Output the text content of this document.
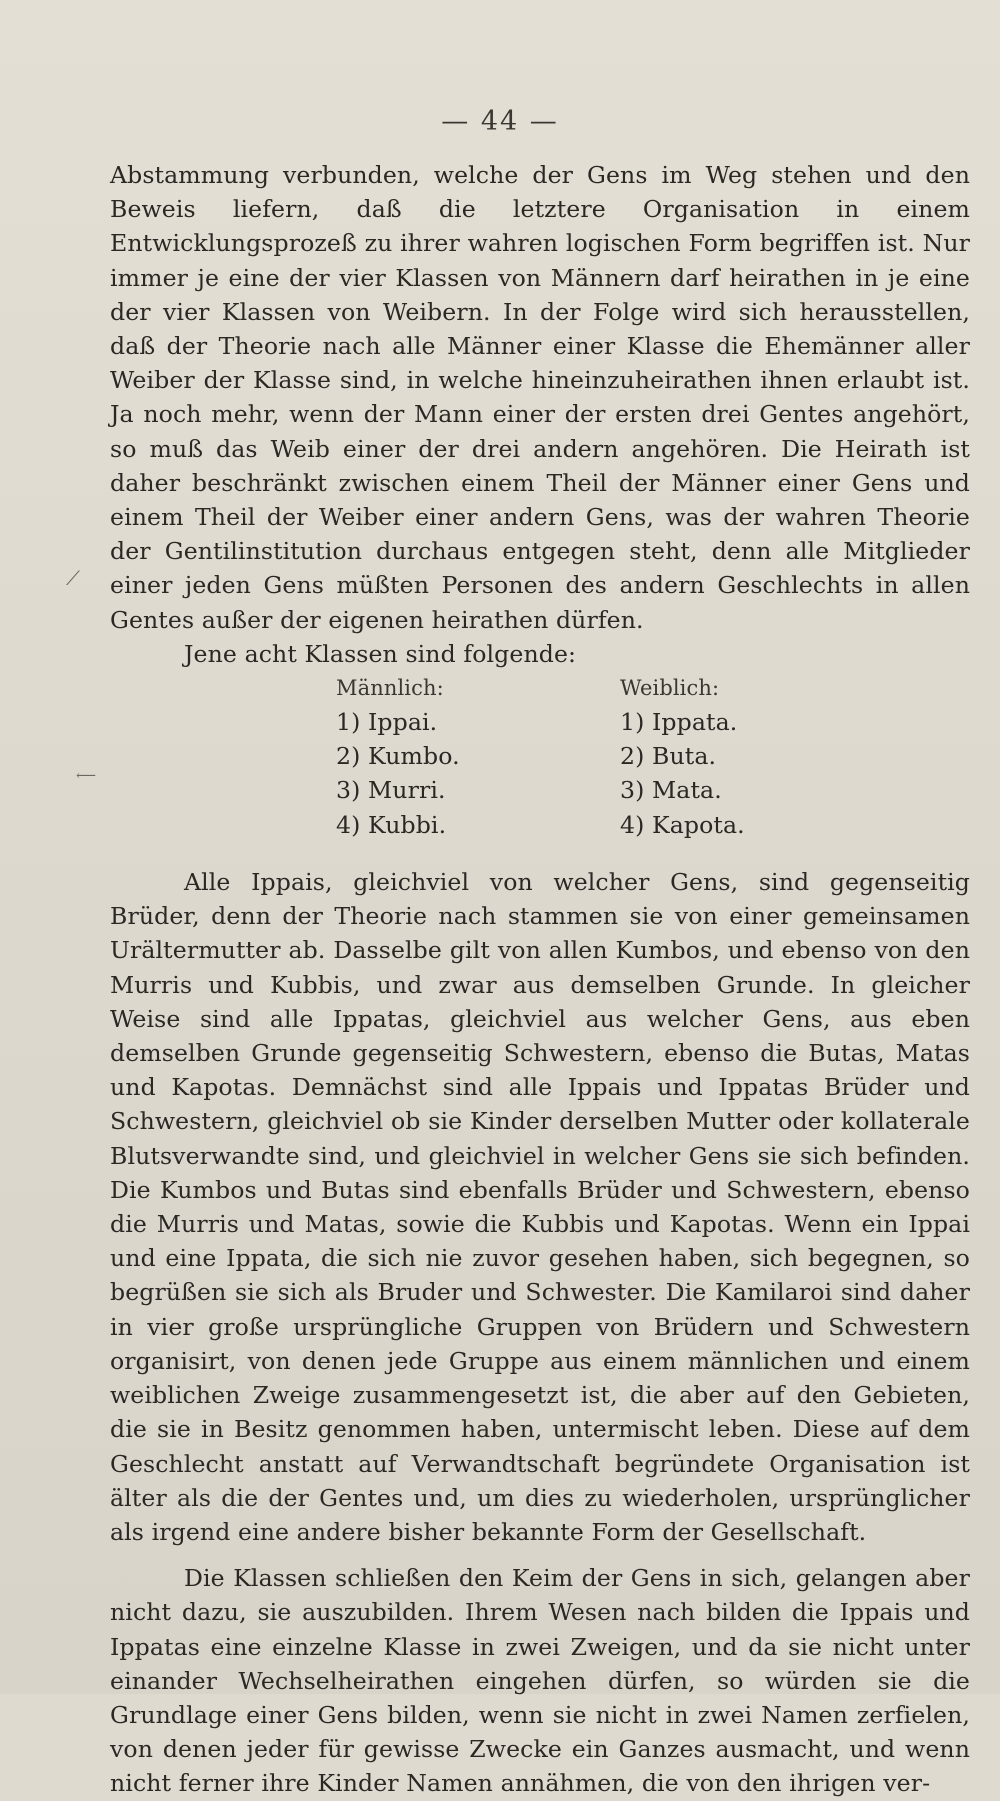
— 44 —
⟋
⟵

Abstammung verbunden, welche der Gens im Weg stehen und den Beweis liefern, daß die letztere Organisation in einem Entwicklungsprozeß zu ihrer wahren logischen Form begriffen ist. Nur immer je eine der vier Klassen von Männern darf heirathen in je eine der vier Klassen von Weibern. In der Folge wird sich herausstellen, daß der Theorie nach alle Männer einer Klasse die Ehemänner aller Weiber der Klasse sind, in welche hineinzuheirathen ihnen erlaubt ist. Ja noch mehr, wenn der Mann einer der ersten drei Gentes angehört, so muß das Weib einer der drei andern angehören. Die Heirath ist daher beschränkt zwischen einem Theil der Männer einer Gens und einem Theil der Weiber einer andern Gens, was der wahren Theorie der Gentilinstitution durchaus entgegen steht, denn alle Mitglieder einer jeden Gens müßten Personen des andern Geschlechts in allen Gentes außer der eigenen heirathen dürfen.

Jene acht Klassen sind folgende:

Männlich:
1) Ippai.
2) Kumbo.
3) Murri.
4) Kubbi.
Weiblich:
1) Ippata.
2) Buta.
3) Mata.
4) Kapota.

Alle Ippais, gleichviel von welcher Gens, sind gegenseitig Brüder, denn der Theorie nach stammen sie von einer gemeinsamen Urältermutter ab. Dasselbe gilt von allen Kumbos, und ebenso von den Murris und Kubbis, und zwar aus demselben Grunde. In gleicher Weise sind alle Ippatas, gleichviel aus welcher Gens, aus eben demselben Grunde gegenseitig Schwestern, ebenso die Butas, Matas und Kapotas. Demnächst sind alle Ippais und Ippatas Brüder und Schwestern, gleichviel ob sie Kinder derselben Mutter oder kollaterale Blutsverwandte sind, und gleichviel in welcher Gens sie sich befinden. Die Kumbos und Butas sind ebenfalls Brüder und Schwestern, ebenso die Murris und Matas, sowie die Kubbis und Kapotas. Wenn ein Ippai und eine Ippata, die sich nie zuvor gesehen haben, sich begegnen, so begrüßen sie sich als Bruder und Schwester. Die Kamilaroi sind daher in vier große ursprüngliche Gruppen von Brüdern und Schwestern organisirt, von denen jede Gruppe aus einem männlichen und einem weiblichen Zweige zusammengesetzt ist, die aber auf den Gebieten, die sie in Besitz genommen haben, untermischt leben. Diese auf dem Geschlecht anstatt auf Verwandtschaft begründete Organisation ist älter als die der Gentes und, um dies zu wiederholen, ursprünglicher als irgend eine andere bisher bekannte Form der Gesellschaft.

Die Klassen schließen den Keim der Gens in sich, gelangen aber nicht dazu, sie auszubilden. Ihrem Wesen nach bilden die Ippais und Ippatas eine einzelne Klasse in zwei Zweigen, und da sie nicht unter einander Wechselheirathen eingehen dürfen, so würden sie die Grundlage einer Gens bilden, wenn sie nicht in zwei Namen zerfielen, von denen jeder für gewisse Zwecke ein Ganzes ausmacht, und wenn nicht ferner ihre Kinder Namen annähmen, die von den ihrigen ver-
